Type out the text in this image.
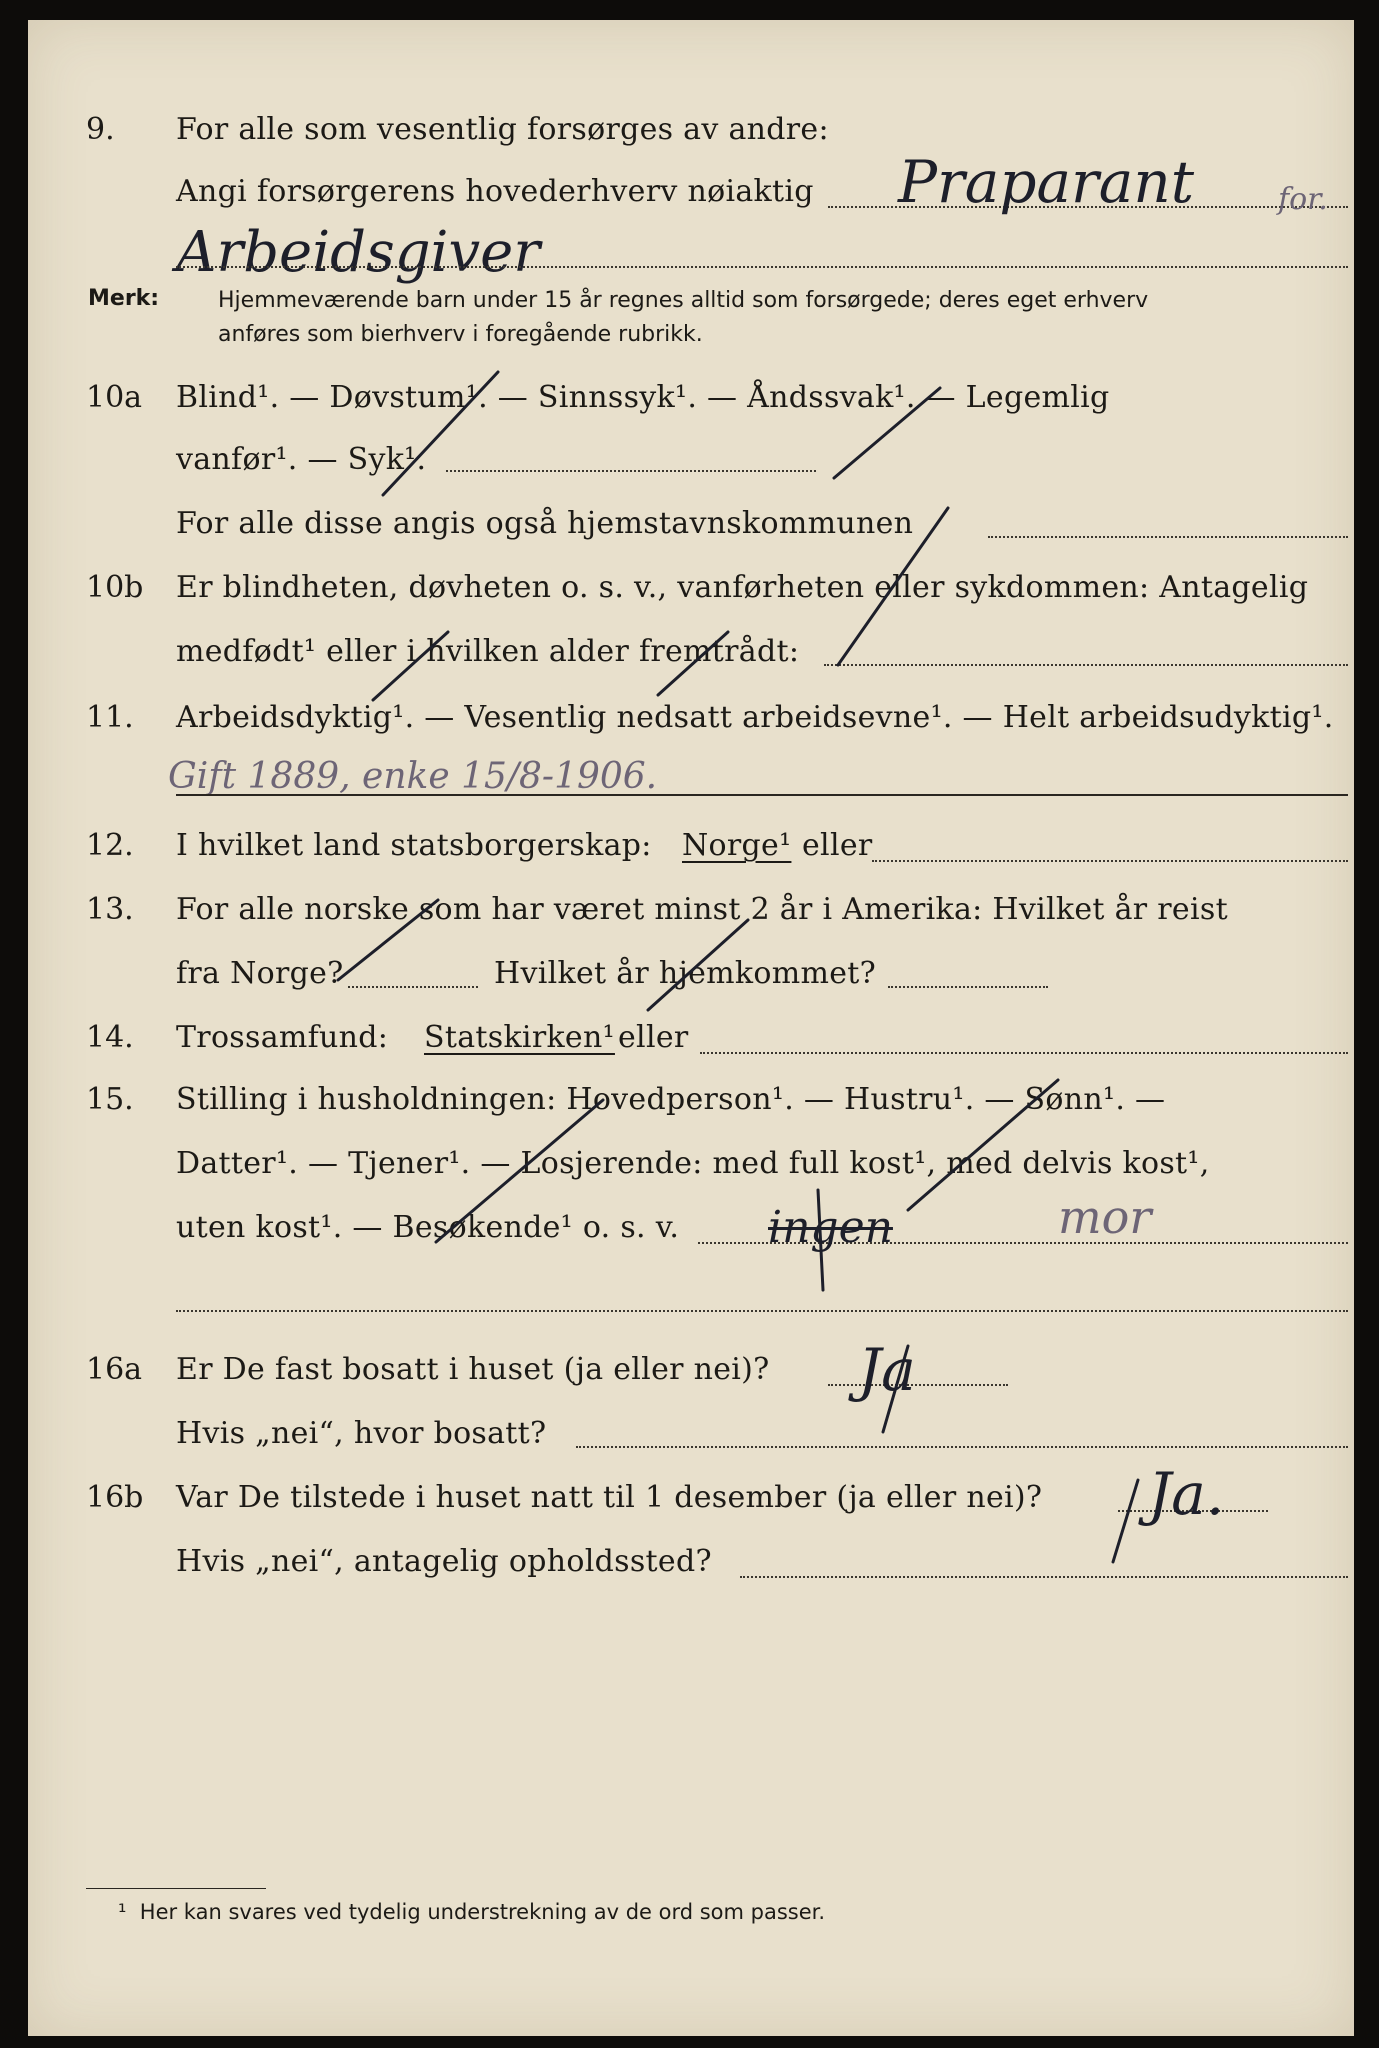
9. For alle som vesentlig forsørges av andre:
Angi forsørgerens hovederhverv nøiaktig Praparant	for.
Arbeidsgiver
Merk:	Hjemmeværende barn under 15 år regnes alltid som forsørgede; deres eget erhverv
anføres som bierhverv i foregående rubrikk.
10a Blind¹. — Døvstum¹. — Sinnssyk¹. — Åndssvak¹. — Legemlig
vanfør¹. — Syk¹.
For alle disse angis også hjemstavnskommunen
10b Er blindheten, døvheten o. s. v., vanførheten eller sykdommen: Antagelig
medfødt¹ eller i hvilken alder fremtrådt:
11. Arbeidsdyktig¹. — Vesentlig nedsatt arbeidsevne¹. — Helt arbeidsudyktig¹.
Gift 1889, enke 15/8-1906.
12. I hvilket land statsborgerskap: Norge¹ eller
13. For alle norske som har været minst 2 år i Amerika: Hvilket år reist
fra Norge?	Hvilket år hjemkommet?
14. Trossamfund: Statskirken¹ eller
15. Stilling i husholdningen: Hovedperson¹. — Hustru¹. — Sønn¹. —
Datter¹. — Tjener¹. — Losjerende: med full kost¹, med delvis kost¹,
uten kost¹. — Besøkende¹ o. s. v. ingen	mor
16a Er De fast bosatt i huset (ja eller nei)? Ja
Hvis „nei“, hvor bosatt?
16b Var De tilstede i huset natt til 1 desember (ja eller nei)? Ja.
Hvis „nei“, antagelig opholdssted?
¹ Her kan svares ved tydelig understrekning av de ord som passer.
